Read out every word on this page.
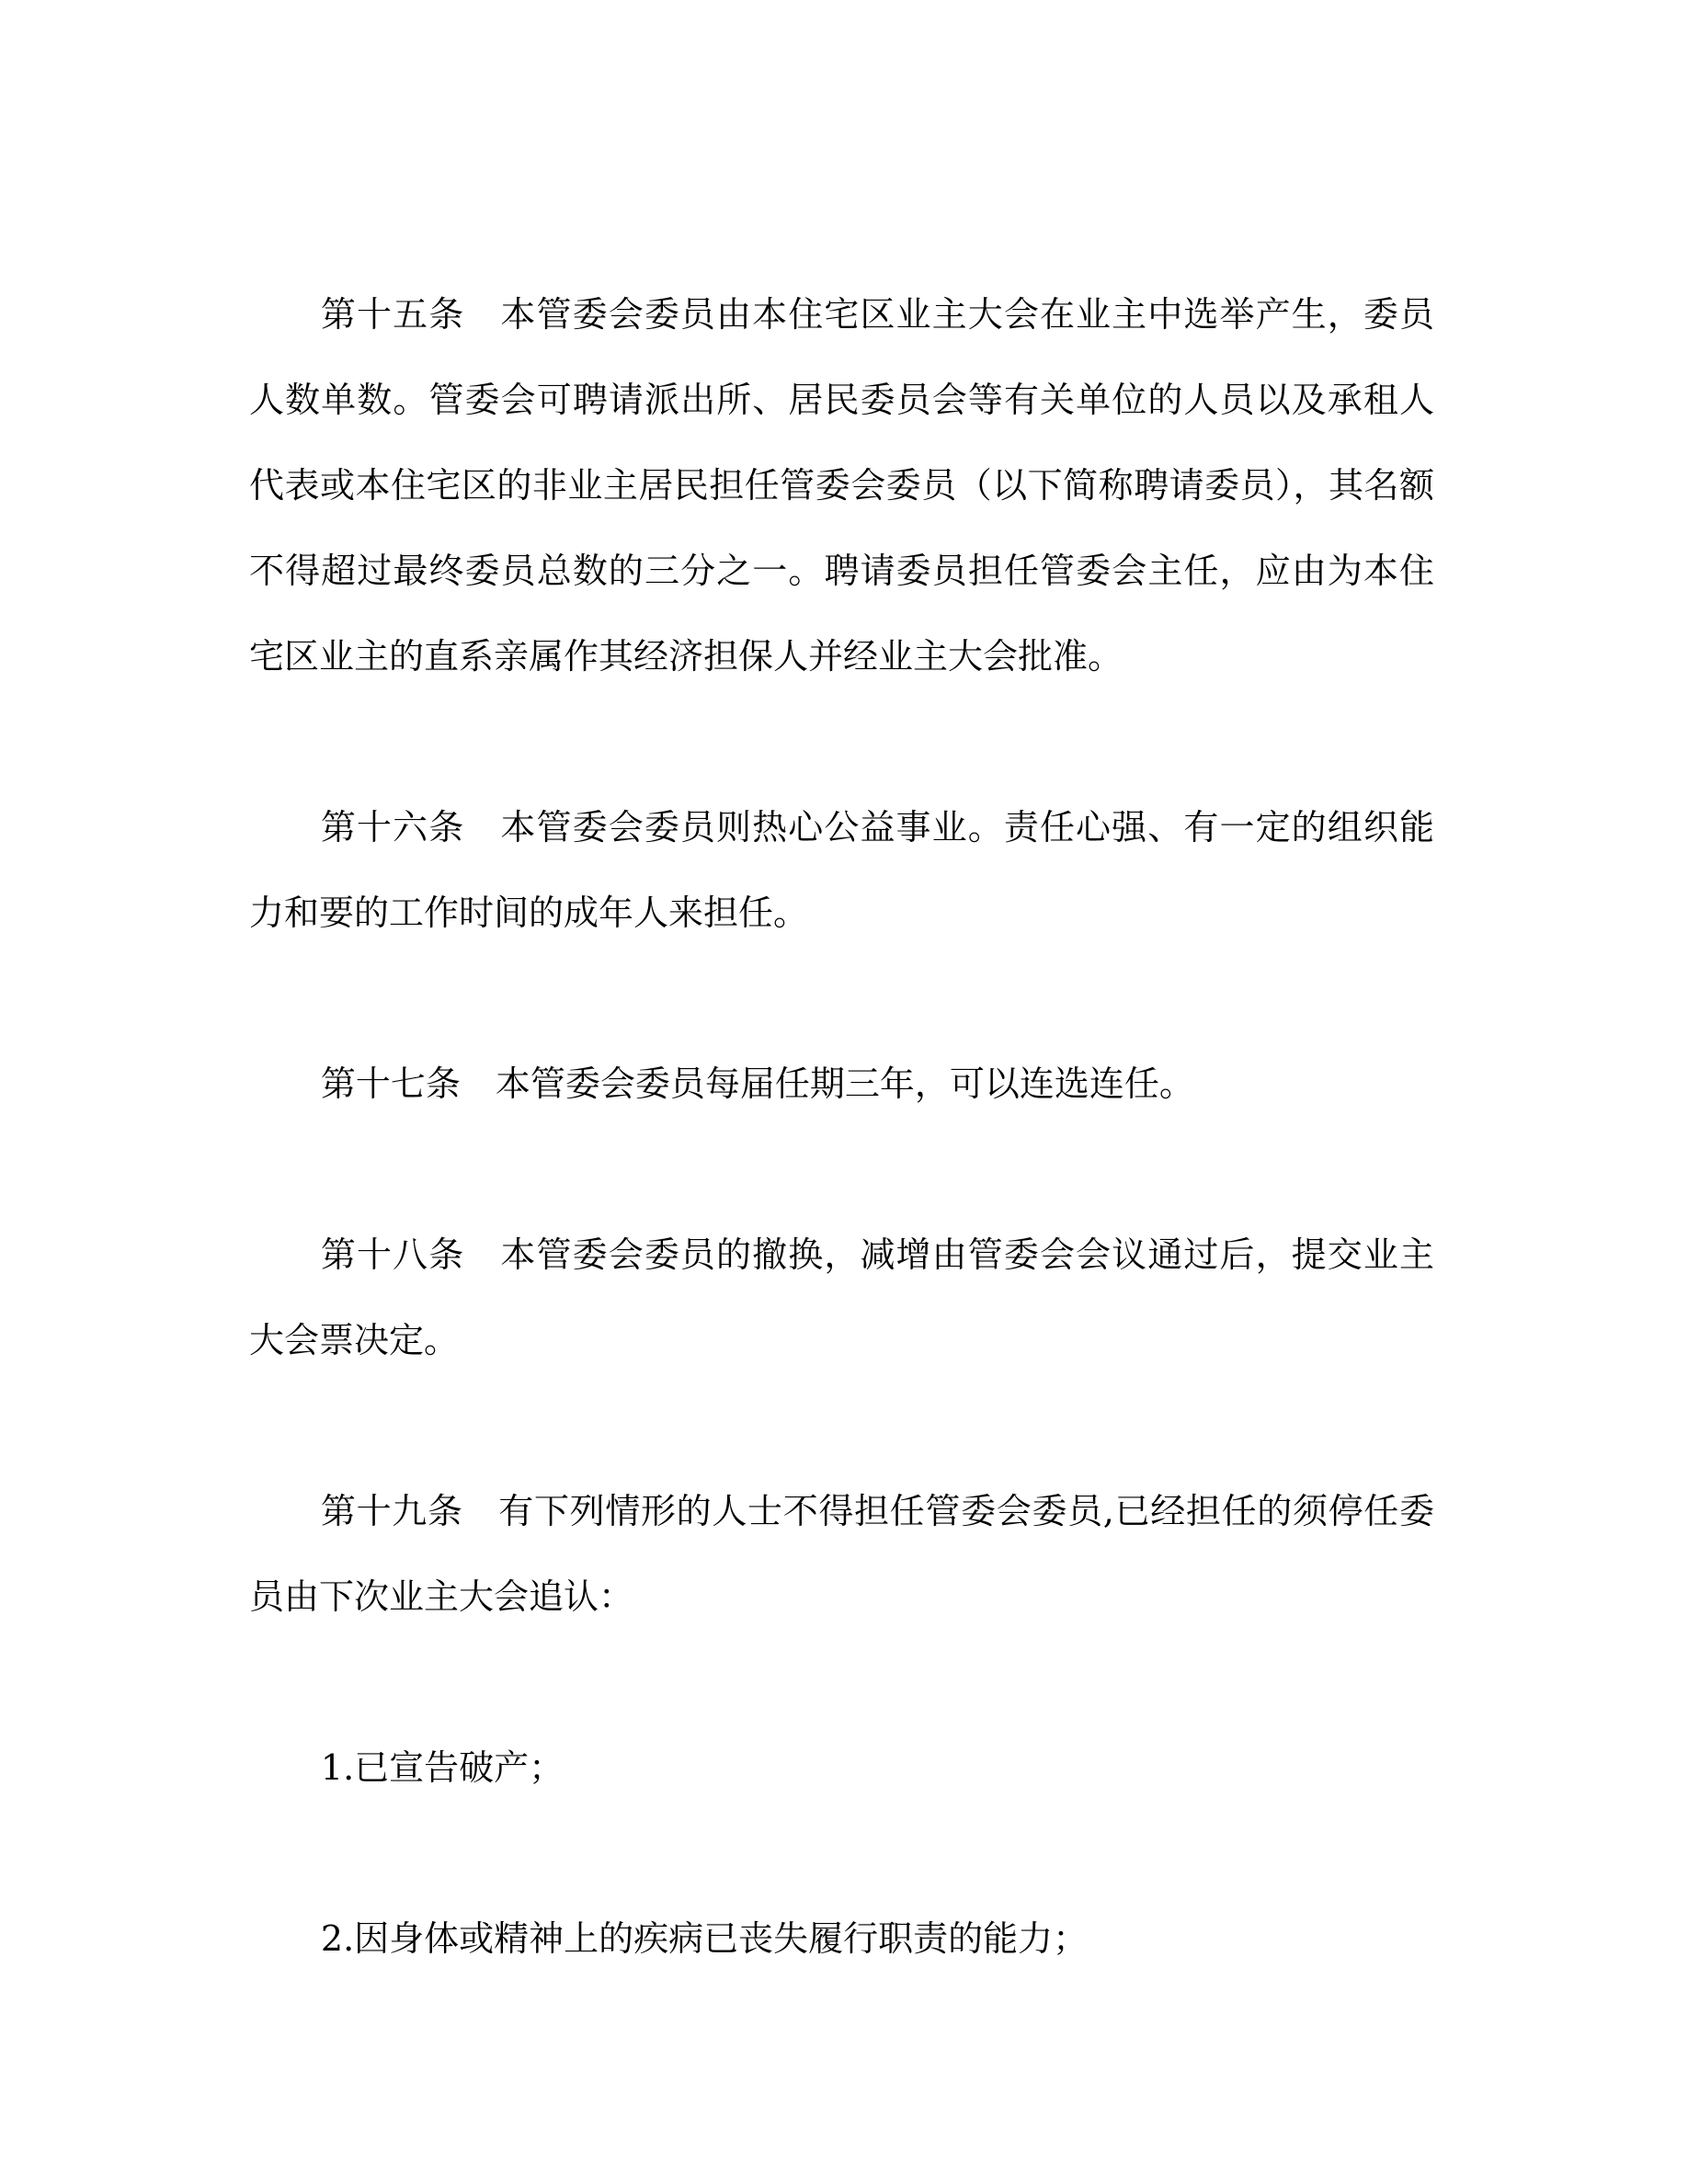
第十五条　本管委会委员由本住宅区业主大会在业主中选举产生，委员人数单数。管委会可聘请派出所、居民委员会等有关单位的人员以及承租人代表或本住宅区的非业主居民担任管委会委员（以下简称聘请委员），其名额不得超过最终委员总数的三分之一。聘请委员担任管委会主任，应由为本住宅区业主的直系亲属作其经济担保人并经业主大会批准。

第十六条　本管委会委员则热心公益事业。责任心强、有一定的组织能力和要的工作时间的成年人来担任。

第十七条　本管委会委员每届任期三年，可以连选连任。

第十八条　本管委会委员的撤换，减增由管委会会议通过后，提交业主大会票决定。

第十九条　有下列情形的人士不得担任管委会委员,已经担任的须停任委员由下次业主大会追认：

1.已宣告破产；

2.因身体或精神上的疾病已丧失履行职责的能力；
